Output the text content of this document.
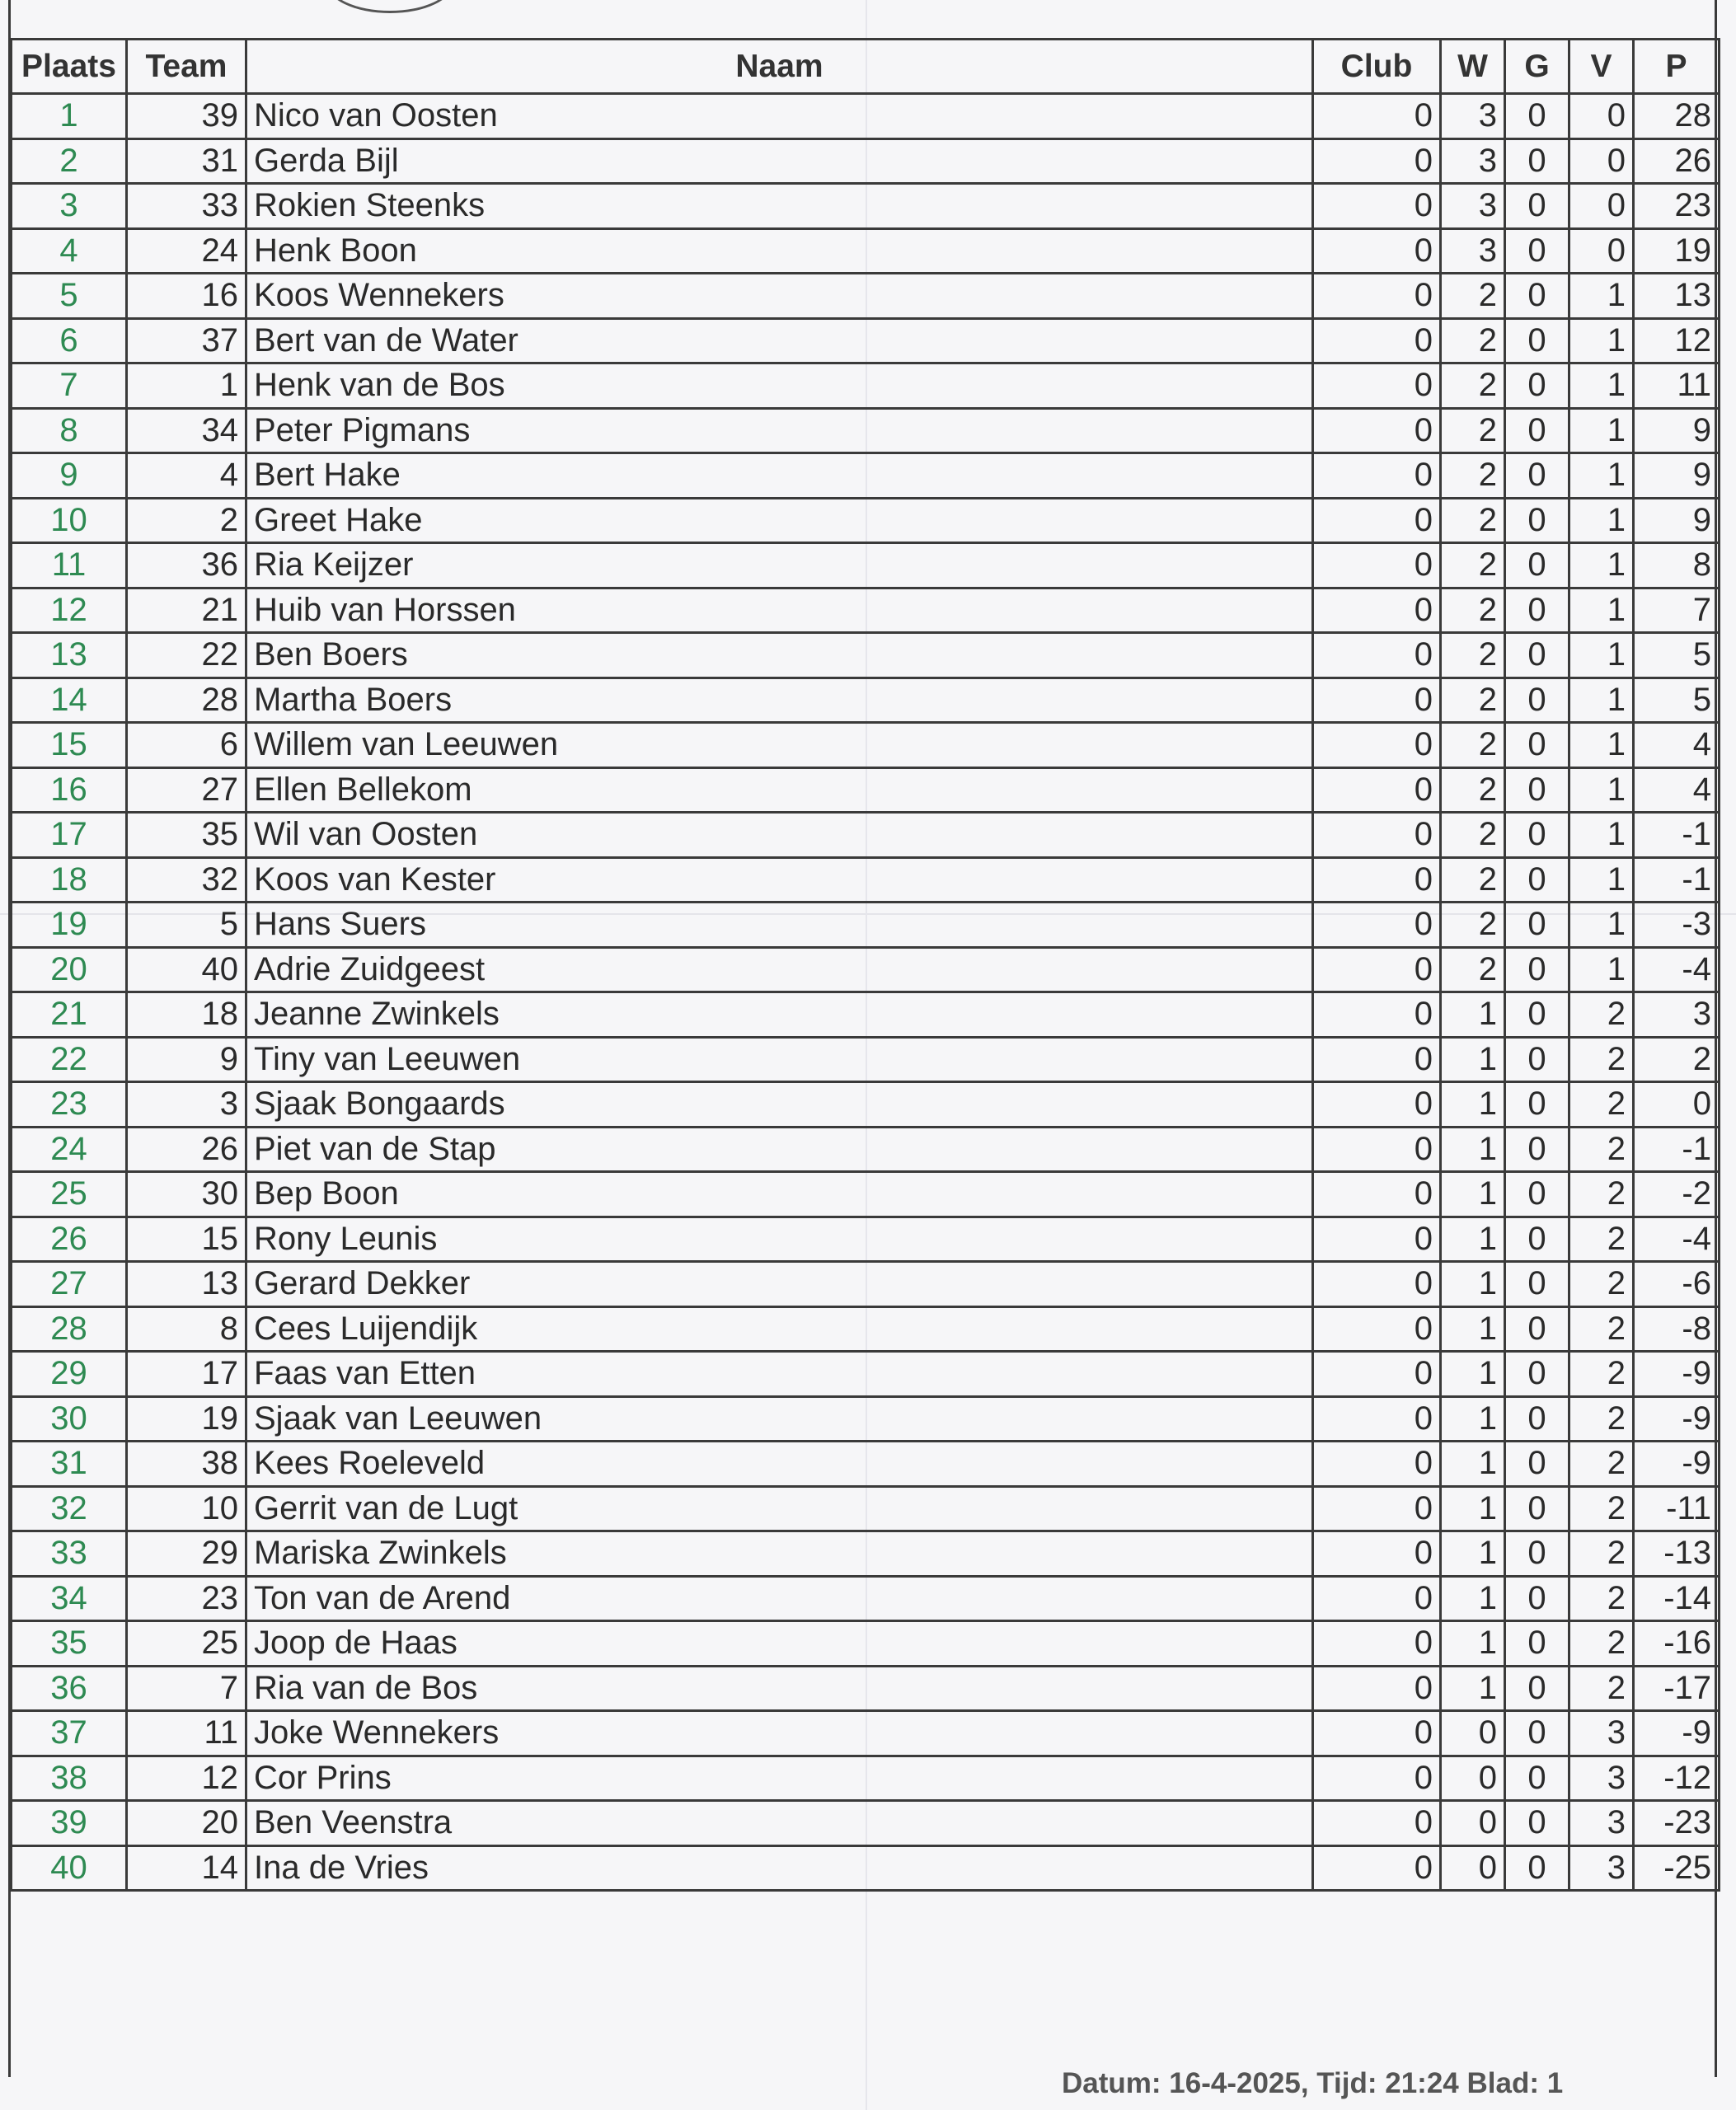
Plaats	Team	Naam	Club	W	G	V	P
1	39	Nico van Oosten	0	3	0	0	28
2	31	Gerda Bijl	0	3	0	0	26
3	33	Rokien Steenks	0	3	0	0	23
4	24	Henk Boon	0	3	0	0	19
5	16	Koos Wennekers	0	2	0	1	13
6	37	Bert van de Water	0	2	0	1	12
7	1	Henk van de Bos	0	2	0	1	11
8	34	Peter Pigmans	0	2	0	1	9
9	4	Bert Hake	0	2	0	1	9
10	2	Greet Hake	0	2	0	1	9
11	36	Ria Keijzer	0	2	0	1	8
12	21	Huib van Horssen	0	2	0	1	7
13	22	Ben Boers	0	2	0	1	5
14	28	Martha Boers	0	2	0	1	5
15	6	Willem van Leeuwen	0	2	0	1	4
16	27	Ellen Bellekom	0	2	0	1	4
17	35	Wil van Oosten	0	2	0	1	-1
18	32	Koos van Kester	0	2	0	1	-1
19	5	Hans Suers	0	2	0	1	-3
20	40	Adrie Zuidgeest	0	2	0	1	-4
21	18	Jeanne Zwinkels	0	1	0	2	3
22	9	Tiny van Leeuwen	0	1	0	2	2
23	3	Sjaak Bongaards	0	1	0	2	0
24	26	Piet van de Stap	0	1	0	2	-1
25	30	Bep Boon	0	1	0	2	-2
26	15	Rony Leunis	0	1	0	2	-4
27	13	Gerard Dekker	0	1	0	2	-6
28	8	Cees Luijendijk	0	1	0	2	-8
29	17	Faas van Etten	0	1	0	2	-9
30	19	Sjaak van Leeuwen	0	1	0	2	-9
31	38	Kees Roeleveld	0	1	0	2	-9
32	10	Gerrit van de Lugt	0	1	0	2	-11
33	29	Mariska Zwinkels	0	1	0	2	-13
34	23	Ton van de Arend	0	1	0	2	-14
35	25	Joop de Haas	0	1	0	2	-16
36	7	Ria van de Bos	0	1	0	2	-17
37	11	Joke Wennekers	0	0	0	3	-9
38	12	Cor Prins	0	0	0	3	-12
39	20	Ben Veenstra	0	0	0	3	-23
40	14	Ina de Vries	0	0	0	3	-25
Datum: 16-4-2025, Tijd: 21:24 Blad: 1
